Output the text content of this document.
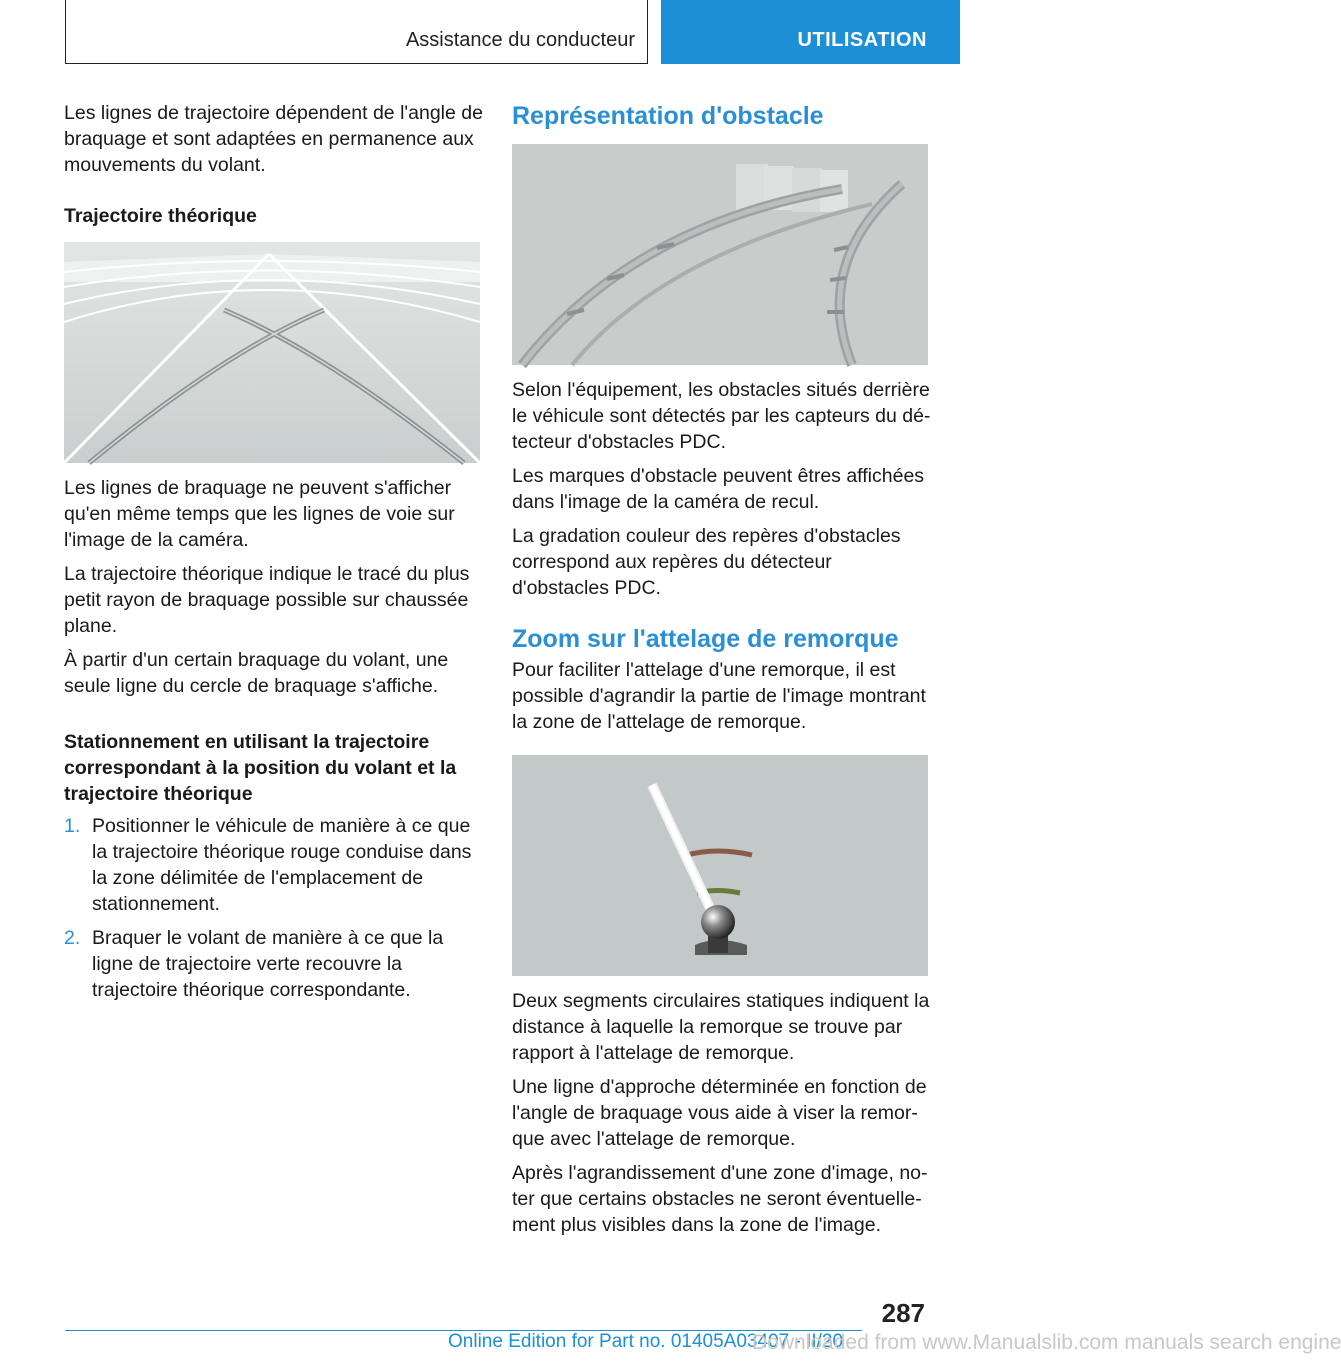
Assistance du conducteur	UTILISATION

Les lignes de trajectoire dépendent de l'angle de braquage et sont adaptées en permanence aux mouvements du volant.

Trajectoire théorique

Les lignes de braquage ne peuvent s'afficher qu'en même temps que les lignes de voie sur l'image de la caméra.

La trajectoire théorique indique le tracé du plus petit rayon de braquage possible sur chaussée plane.

À partir d'un certain braquage du volant, une seule ligne du cercle de braquage s'affiche.

Stationnement en utilisant la trajectoire correspondant à la position du volant et la trajectoire théorique
1. Positionner le véhicule de manière à ce que la trajectoire théorique rouge conduise dans la zone délimitée de l'emplacement de stationnement.
2. Braquer le volant de manière à ce que la ligne de trajectoire verte recouvre la trajectoire théorique correspondante.
Représentation d'obstacle

Selon l'équipement, les obstacles situés derrière le véhicule sont détectés par les capteurs du détecteur d'obstacles PDC.

Les marques d'obstacle peuvent êtres affichées dans l'image de la caméra de recul.

La gradation couleur des repères d'obstacles correspond aux repères du détecteur d'obstacles PDC.

Zoom sur l'attelage de remorque

Pour faciliter l'attelage d'une remorque, il est possible d'agrandir la partie de l'image montrant la zone de l'attelage de remorque.

Deux segments circulaires statiques indiquent la distance à laquelle la remorque se trouve par rapport à l'attelage de remorque.

Une ligne d'approche déterminée en fonction de l'angle de braquage vous aide à viser la remorque avec l'attelage de remorque.

Après l'agrandissement d'une zone d'image, noter que certains obstacles ne seront éventuellement plus visibles dans la zone de l'image.

287
Online Edition for Part no. 01405A03407 - II/20
Downloaded from www.Manualslib.com manuals search engine
